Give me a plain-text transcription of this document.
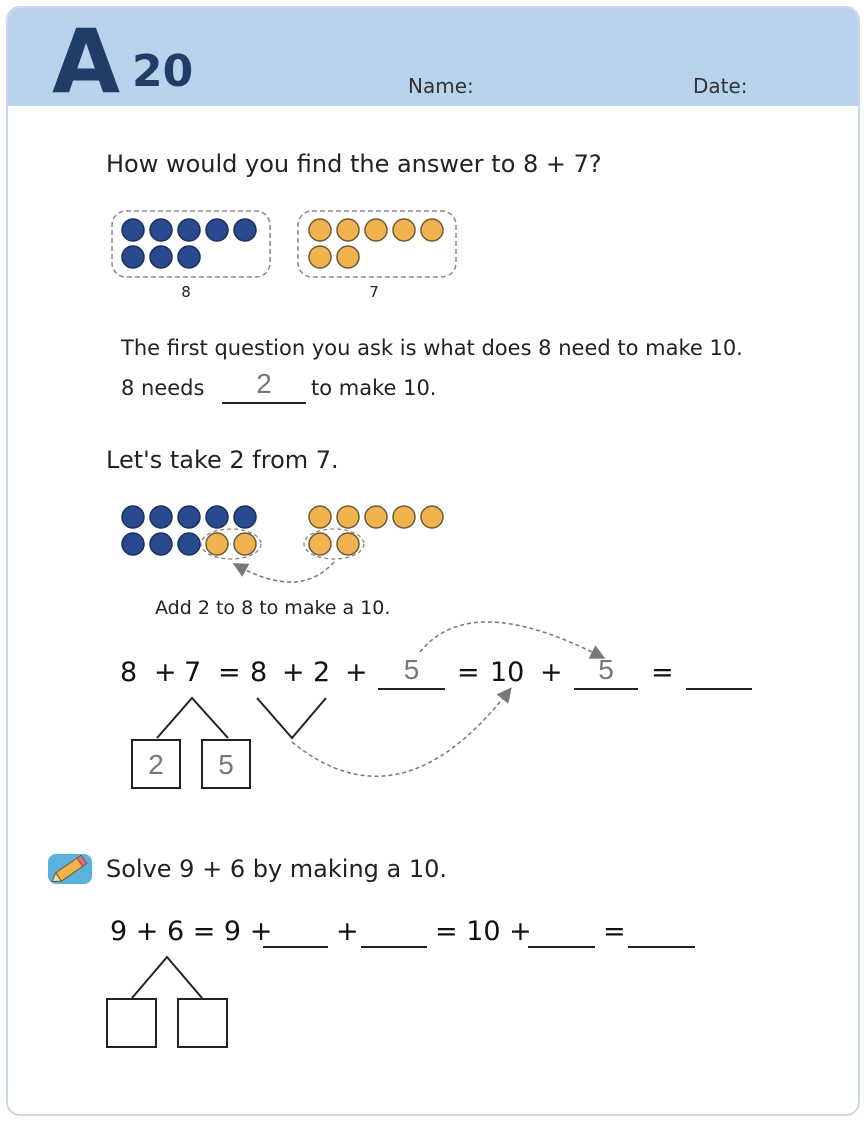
A 20	Name:	Date:
8	7
How would you find the answer to 8 + 7?
The first question you ask is what does 8 need to make 10.
8 needs	2	to make 10.
Let's take 2 from 7.
Add 2 to 8 to make a 10.
8 + 7 = 8 + 2 +	5	= 10 +	5	=
2	5
Solve 9 + 6 by making a 10.
9 + 6 = 9 + +	= 10 +	=
